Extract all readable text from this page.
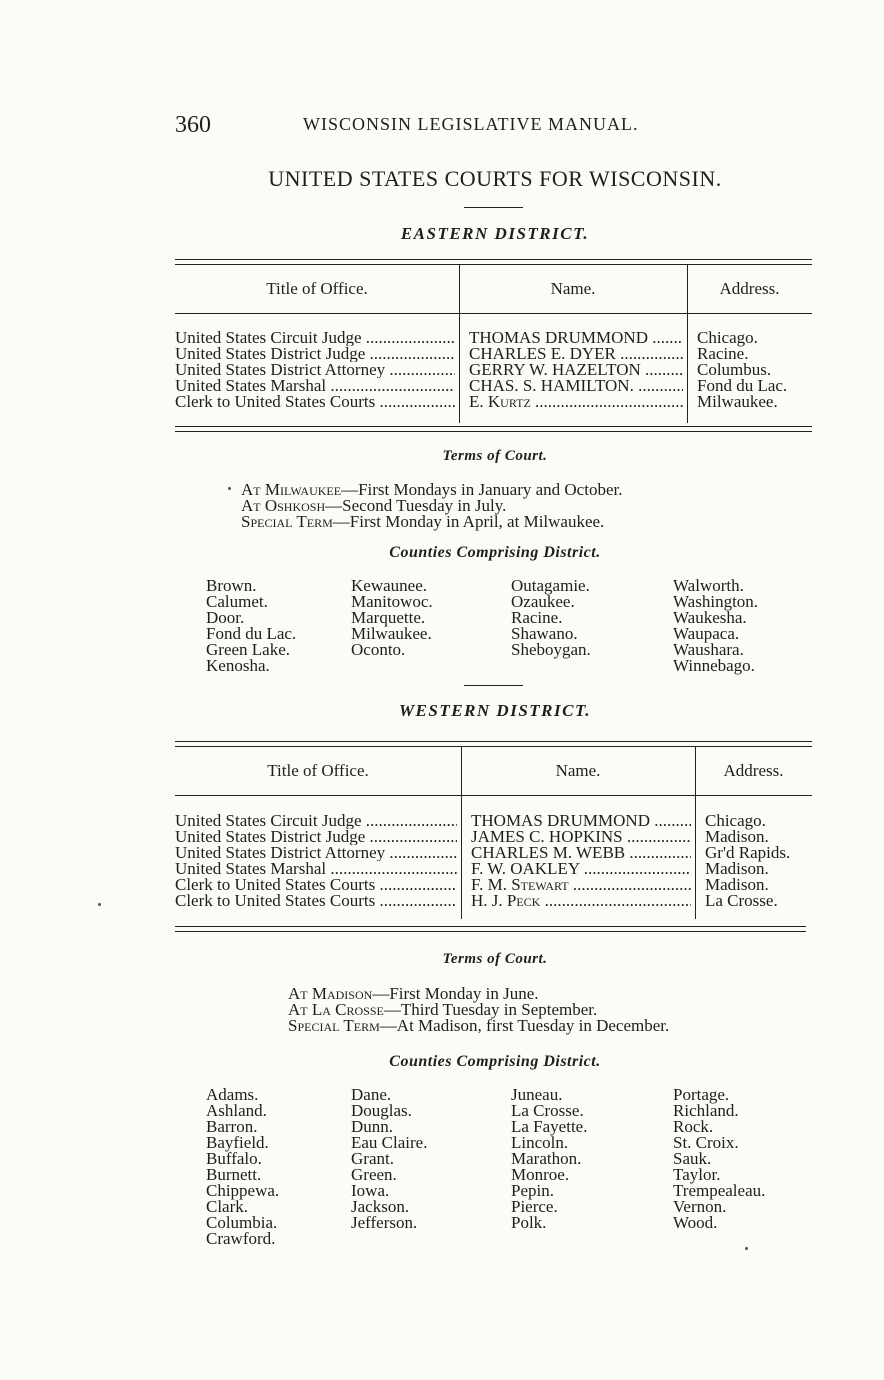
360	WISCONSIN LEGISLATIVE MANUAL.
UNITED STATES COURTS FOR WISCONSIN.
EASTERN DISTRICT.
Title of Office.	Name.	Address.
United States Circuit Judge .....	THOMAS DRUMMOND .....	Chicago.
United States District Judge .....	CHARLES E. DYER .....	Racine.
United States District Attorney .....	GERRY W. HAZELTON .....	Columbus.
United States Marshal .....	CHAS. S. HAMILTON. .....	Fond du Lac.
Clerk to United States Courts .....	E. Kurtz .....	Milwaukee.
Terms of Court.
At Milwaukee—First Mondays in January and October.
At Oshkosh—Second Tuesday in July.
Special Term—First Monday in April, at Milwaukee.
Counties Comprising District.
Brown.
Calumet.
Door.
Fond du Lac.
Green Lake.
Kenosha.
Kewaunee.
Manitowoc.
Marquette.
Milwaukee.
Oconto.
Outagamie.
Ozaukee.
Racine.
Shawano.
Sheboygan.
Walworth.
Washington.
Waukesha.
Waupaca.
Waushara.
Winnebago.
WESTERN DISTRICT.
Title of Office.	Name.	Address.
United States Circuit Judge .....	THOMAS DRUMMOND .....	Chicago.
United States District Judge .....	JAMES C. HOPKINS .....	Madison.
United States District Attorney .....	CHARLES M. WEBB .....	Gr'd Rapids.
United States Marshal .....	F. W. OAKLEY .....	Madison.
Clerk to United States Courts .....	F. M. Stewart .....	Madison.
Clerk to United States Courts .....	H. J. Peck .....	La Crosse.
Terms of Court.
At Madison—First Monday in June.
At La Crosse—Third Tuesday in September.
Special Term—At Madison, first Tuesday in December.
Counties Comprising District.
Adams.
Ashland.
Barron.
Bayfield.
Buffalo.
Burnett.
Chippewa.
Clark.
Columbia.
Crawford.
Dane.
Douglas.
Dunn.
Eau Claire.
Grant.
Green.
Iowa.
Jackson.
Jefferson.
Juneau.
La Crosse.
La Fayette.
Lincoln.
Marathon.
Monroe.
Pepin.
Pierce.
Polk.
Portage.
Richland.
Rock.
St. Croix.
Sauk.
Taylor.
Trempealeau.
Vernon.
Wood.
